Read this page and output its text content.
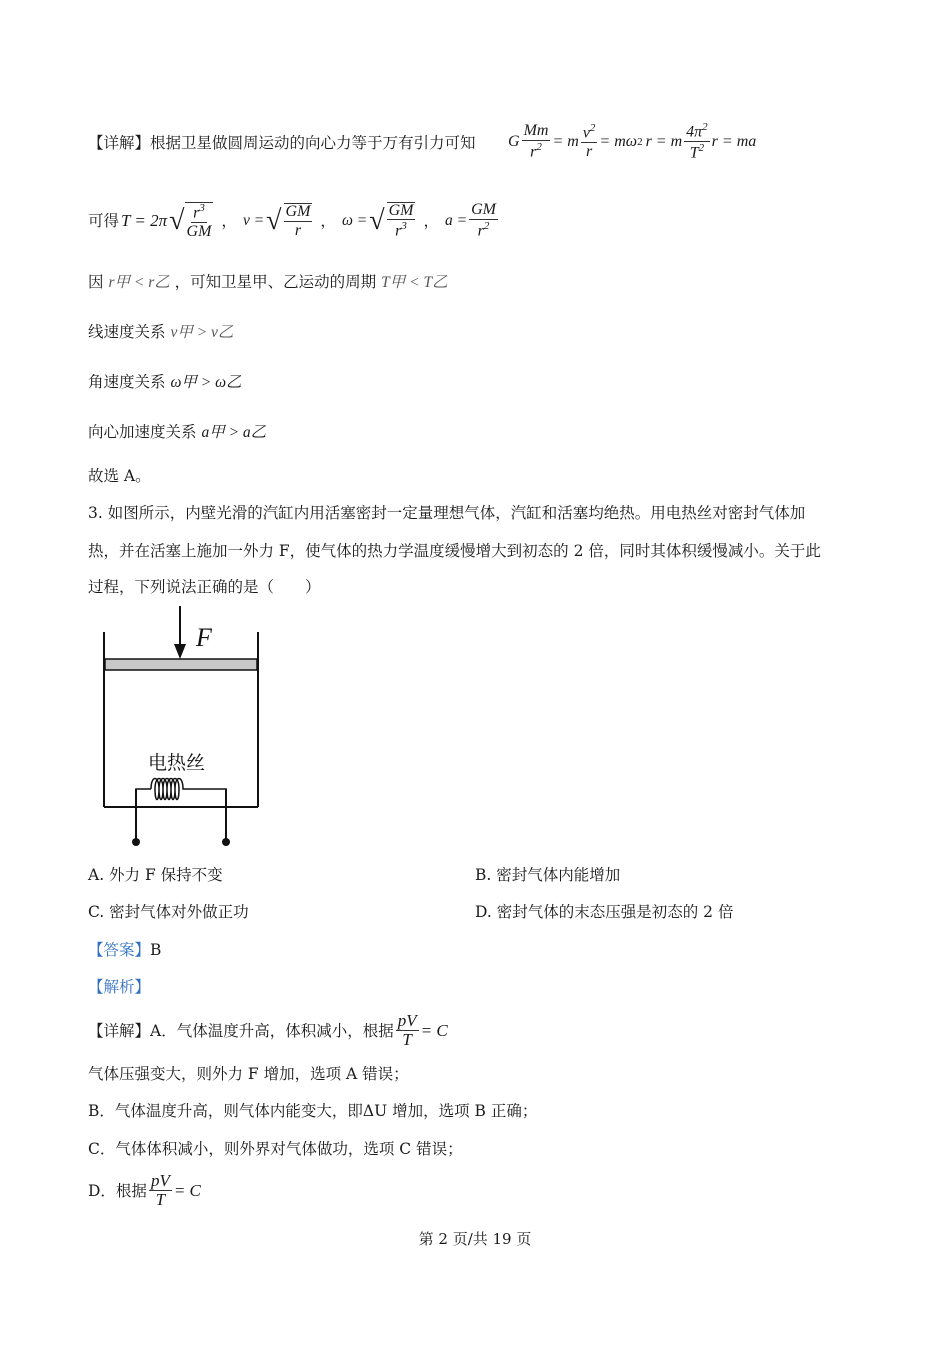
【详解】根据卫星做圆周运动的向心力等于万有引力可知 G $\frac{Mm}{r^2} = m \frac{v^2}{r} = m\omega$ 2 r = m $\frac{4\pi^2}{T^2}$ r = ma
可得 T = 2π √ $\frac{r^3}{GM}$ ， v = √ $\frac{GM}{r}$ ， ω = √ $\frac{GM}{r^3}$ ， $a = \frac{GM}{r^2}$
因 r甲 < r乙 ，可知卫星甲、乙运动的周期 T甲 < T乙
线速度关系 v甲 > v乙
角速度关系 ω甲 > ω乙
向心加速度关系 a甲 > a乙
故选 A。
3. 如图所示，内壁光滑的汽缸内用活塞密封一定量理想气体，汽缸和活塞均绝热。用电热丝对密封气体加
热，并在活塞上施加一外力 F，使气体的热力学温度缓慢增大到初态的 2 倍，同时其体积缓慢减小。关于此
过程，下列说法正确的是（　　）
F
电热丝
A. 外力 F 保持不变	B. 密封气体内能增加
C. 密封气体对外做正功	D. 密封气体的末态压强是初态的 2 倍
【答案】B
【解析】
【详解】A．气体温度升高，体积减小，根据 $\frac{pV}{T} = C$
气体压强变大，则外力 F 增加，选项 A 错误；
B．气体温度升高，则气体内能变大，即ΔU 增加，选项 B 正确；
C．气体体积减小，则外界对气体做功，选项 C 错误；
D．根据 $\frac{pV}{T} = C$
第 2 页/共 19 页
